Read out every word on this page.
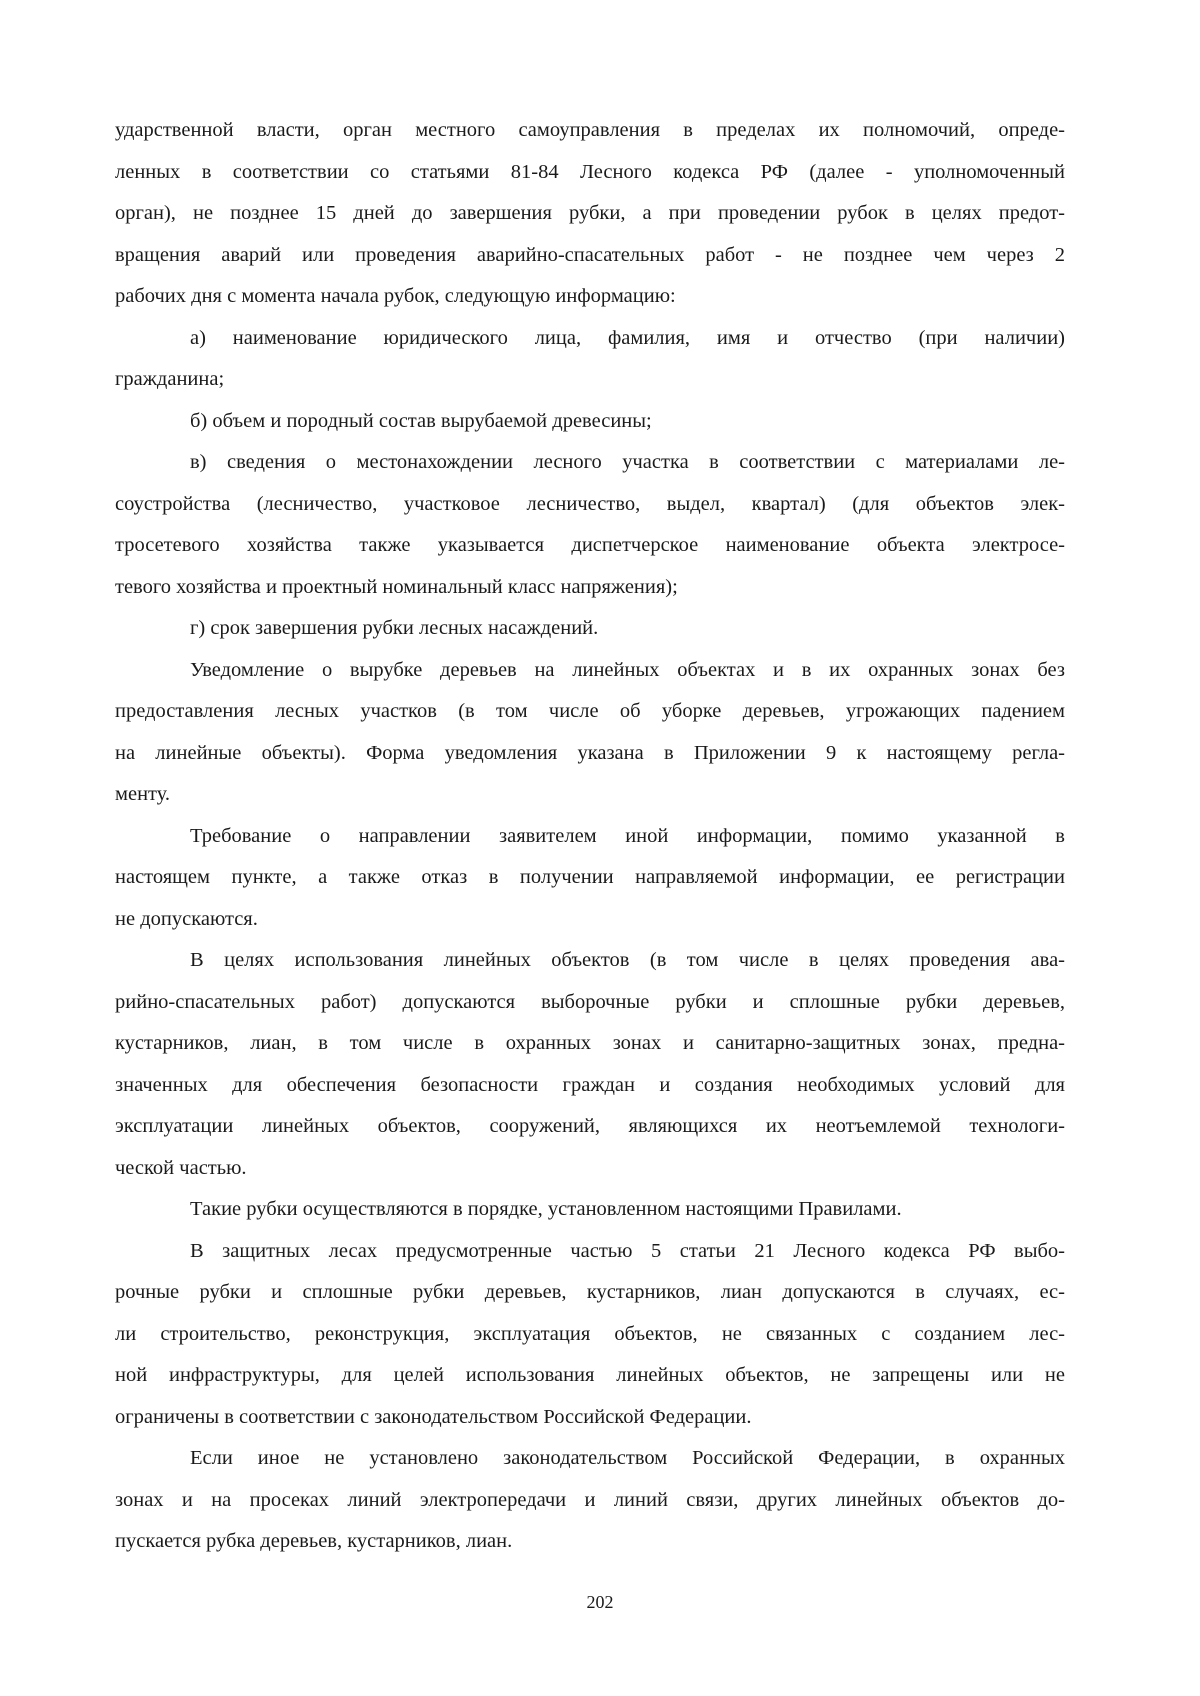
ударственной власти, орган местного самоуправления в пределах их полномочий, опреде-
ленных в соответствии со статьями 81-84 Лесного кодекса РФ (далее - уполномоченный
орган), не позднее 15 дней до завершения рубки, а при проведении рубок в целях предот-
вращения аварий или проведения аварийно-спасательных работ - не позднее чем через 2
рабочих дня с момента начала рубок, следующую информацию:
а) наименование юридического лица, фамилия, имя и отчество (при наличии)
гражданина;
б) объем и породный состав вырубаемой древесины;
в) сведения о местонахождении лесного участка в соответствии с материалами ле-
соустройства (лесничество, участковое лесничество, выдел, квартал) (для объектов элек-
тросетевого хозяйства также указывается диспетчерское наименование объекта электросе-
тевого хозяйства и проектный номинальный класс напряжения);
г) срок завершения рубки лесных насаждений.
Уведомление о вырубке деревьев на линейных объектах и в их охранных зонах без
предоставления лесных участков (в том числе об уборке деревьев, угрожающих падением
на линейные объекты). Форма уведомления указана в Приложении 9 к настоящему регла-
менту.
Требование о направлении заявителем иной информации, помимо указанной в
настоящем пункте, а также отказ в получении направляемой информации, ее регистрации
не допускаются.
В целях использования линейных объектов (в том числе в целях проведения ава-
рийно-спасательных работ) допускаются выборочные рубки и сплошные рубки деревьев,
кустарников, лиан, в том числе в охранных зонах и санитарно-защитных зонах, предна-
значенных для обеспечения безопасности граждан и создания необходимых условий для
эксплуатации линейных объектов, сооружений, являющихся их неотъемлемой технологи-
ческой частью.
Такие рубки осуществляются в порядке, установленном настоящими Правилами.
В защитных лесах предусмотренные частью 5 статьи 21 Лесного кодекса РФ выбо-
рочные рубки и сплошные рубки деревьев, кустарников, лиан допускаются в случаях, ес-
ли строительство, реконструкция, эксплуатация объектов, не связанных с созданием лес-
ной инфраструктуры, для целей использования линейных объектов, не запрещены или не
ограничены в соответствии с законодательством Российской Федерации.
Если иное не установлено законодательством Российской Федерации, в охранных
зонах и на просеках линий электропередачи и линий связи, других линейных объектов до-
пускается рубка деревьев, кустарников, лиан.
202
